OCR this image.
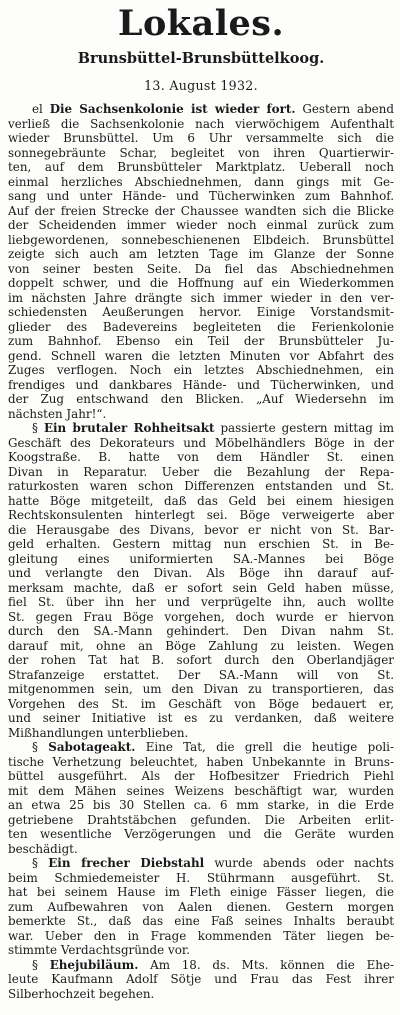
Lokales.
Brunsbüttel-Brunsbüttelkoog.
13. August 1932.
el Die Sachsenkolonie ist wieder fort. Gestern abend
verließ die Sachsenkolonie nach vierwöchigem Aufenthalt
wieder Brunsbüttel. Um 6 Uhr versammelte sich die
sonnegebräunte Schar, begleitet von ihren Quartierwir-
ten, auf dem Brunsbütteler Marktplatz. Ueberall noch
einmal herzliches Abschiednehmen, dann gings mit Ge-
sang und unter Hände- und Tücherwinken zum Bahnhof.
Auf der freien Strecke der Chaussee wandten sich die Blicke
der Scheidenden immer wieder noch einmal zurück zum
liebgewordenen, sonnebeschienenen Elbdeich. Brunsbüttel
zeigte sich auch am letzten Tage im Glanze der Sonne
von seiner besten Seite. Da fiel das Abschiednehmen
doppelt schwer, und die Hoffnung auf ein Wiederkommen
im nächsten Jahre drängte sich immer wieder in den ver-
schiedensten Aeußerungen hervor. Einige Vorstandsmit-
glieder des Badevereins begleiteten die Ferienkolonie
zum Bahnhof. Ebenso ein Teil der Brunsbütteler Ju-
gend. Schnell waren die letzten Minuten vor Abfahrt des
Zuges verflogen. Noch ein letztes Abschiednehmen, ein
frendiges und dankbares Hände- und Tücherwinken, und
der Zug entschwand den Blicken. „Auf Wiedersehn im
nächsten Jahr!“.
§ Ein brutaler Rohheitsakt passierte gestern mittag im
Geschäft des Dekorateurs und Möbelhändlers Böge in der
Koogstraße. B. hatte von dem Händler St. einen
Divan in Reparatur. Ueber die Bezahlung der Repa-
raturkosten waren schon Differenzen entstanden und St.
hatte Böge mitgeteilt, daß das Geld bei einem hiesigen
Rechtskonsulenten hinterlegt sei. Böge verweigerte aber
die Herausgabe des Divans, bevor er nicht von St. Bar-
geld erhalten. Gestern mittag nun erschien St. in Be-
gleitung eines uniformierten SA.-Mannes bei Böge
und verlangte den Divan. Als Böge ihn darauf auf-
merksam machte, daß er sofort sein Geld haben müsse,
fiel St. über ihn her und verprügelte ihn, auch wollte
St. gegen Frau Böge vorgehen, doch wurde er hiervon
durch den SA.-Mann gehindert. Den Divan nahm St.
darauf mit, ohne an Böge Zahlung zu leisten. Wegen
der rohen Tat hat B. sofort durch den Oberlandjäger
Strafanzeige erstattet. Der SA.-Mann will von St.
mitgenommen sein, um den Divan zu transportieren, das
Vorgehen des St. im Geschäft von Böge bedauert er,
und seiner Initiative ist es zu verdanken, daß weitere
Mißhandlungen unterblieben.
§ Sabotageakt. Eine Tat, die grell die heutige poli-
tische Verhetzung beleuchtet, haben Unbekannte in Bruns-
büttel ausgeführt. Als der Hofbesitzer Friedrich Piehl
mit dem Mähen seines Weizens beschäftigt war, wurden
an etwa 25 bis 30 Stellen ca. 6 mm starke, in die Erde
getriebene Drahtstäbchen gefunden. Die Arbeiten erlit-
ten wesentliche Verzögerungen und die Geräte wurden
beschädigt.
§ Ein frecher Diebstahl wurde abends oder nachts
beim Schmiedemeister H. Stührmann ausgeführt. St.
hat bei seinem Hause im Fleth einige Fässer liegen, die
zum Aufbewahren von Aalen dienen. Gestern morgen
bemerkte St., daß das eine Faß seines Inhalts beraubt
war. Ueber den in Frage kommenden Täter liegen be-
stimmte Verdachtsgründe vor.
§ Ehejubiläum. Am 18. ds. Mts. können die Ehe-
leute Kaufmann Adolf Sötje und Frau das Fest ihrer
Silberhochzeit begehen.
